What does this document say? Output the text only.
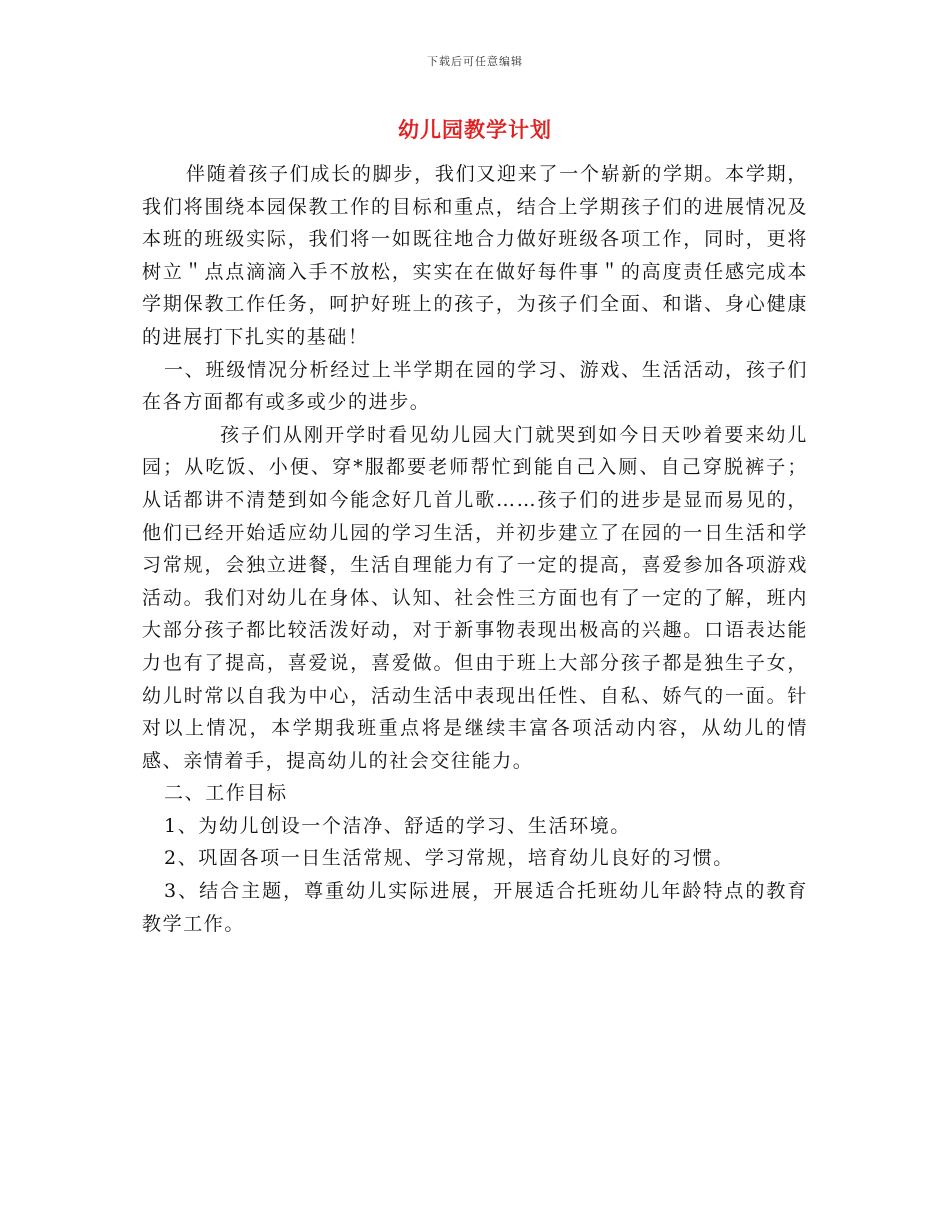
下载后可任意编辑
幼儿园教学计划

伴随着孩子们成长的脚步，我们又迎来了一个崭新的学期。本学期，我们将围绕本园保教工作的目标和重点，结合上学期孩子们的进展情况及本班的班级实际，我们将一如既往地合力做好班级各项工作，同时，更将树立＂点点滴滴入手不放松，实实在在做好每件事＂的高度责任感完成本学期保教工作任务，呵护好班上的孩子，为孩子们全面、和谐、身心健康的进展打下扎实的基础！

一、班级情况分析经过上半学期在园的学习、游戏、生活活动，孩子们在各方面都有或多或少的进步。

孩子们从刚开学时看见幼儿园大门就哭到如今日天吵着要来幼儿园；从吃饭、小便、穿*服都要老师帮忙到能自己入厕、自己穿脱裤子；从话都讲不清楚到如今能念好几首儿歌……孩子们的进步是显而易见的，他们已经开始适应幼儿园的学习生活，并初步建立了在园的一日生活和学习常规，会独立进餐，生活自理能力有了一定的提高，喜爱参加各项游戏活动。我们对幼儿在身体、认知、社会性三方面也有了一定的了解，班内大部分孩子都比较活泼好动，对于新事物表现出极高的兴趣。口语表达能力也有了提高，喜爱说，喜爱做。但由于班上大部分孩子都是独生子女，幼儿时常以自我为中心，活动生活中表现出任性、自私、娇气的一面。针对以上情况，本学期我班重点将是继续丰富各项活动内容，从幼儿的情感、亲情着手，提高幼儿的社会交往能力。

二、工作目标

1、为幼儿创设一个洁净、舒适的学习、生活环境。

2、巩固各项一日生活常规、学习常规，培育幼儿良好的习惯。

3、结合主题，尊重幼儿实际进展，开展适合托班幼儿年龄特点的教育教学工作。
